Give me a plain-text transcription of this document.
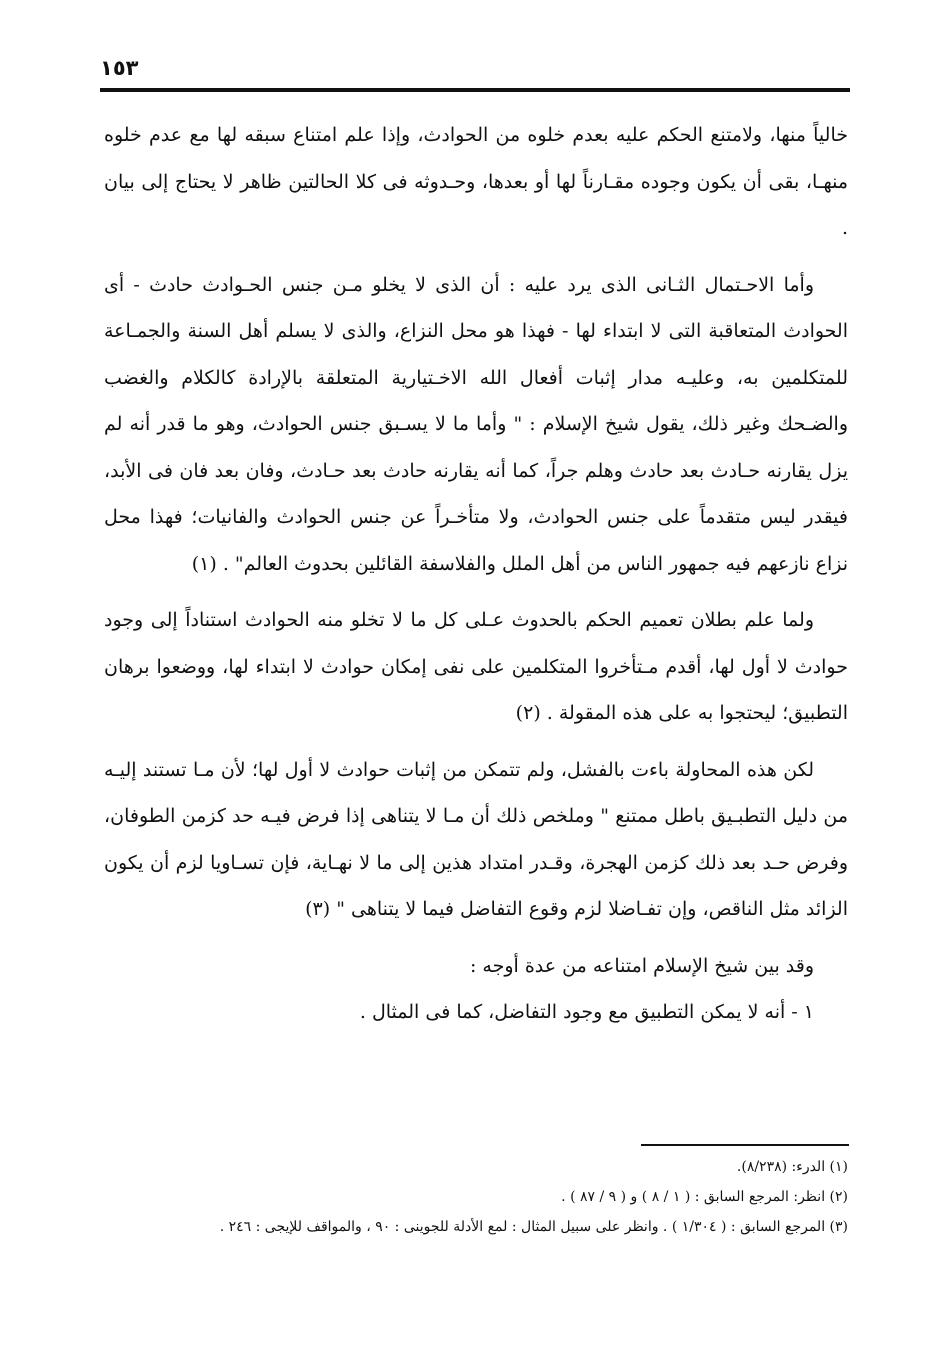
١٥٣

خالياً منها، ولامتنع الحكم عليه بعدم خلوه من الحوادث، وإذا علم امتناع سبقه لها مع عدم خلوه منهـا، بقى أن يكون وجوده مقـارناً لها أو بعدها، وحـدوثه فى كلا الحالتين ظاهر لا يحتاج إلى بيان .

وأما الاحـتمال الثـانى الذى يرد عليه : أن الذى لا يخلو مـن جنس الحـوادث حادث - أى الحوادث المتعاقبة التى لا ابتداء لها - فهذا هو محل النزاع، والذى لا يسلم أهل السنة والجمـاعة للمتكلمين به، وعليـه مدار إثبات أفعال الله الاخـتيارية المتعلقة بالإرادة كالكلام والغضب والضـحك وغير ذلك، يقول شيخ الإسلام : " وأما ما لا يسـبق جنس الحوادث، وهو ما قدر أنه لم يزل يقارنه حـادث بعد حادث وهلم جراً، كما أنه يقارنه حادث بعد حـادث، وفان بعد فان فى الأبد، فيقدر ليس متقدماً على جنس الحوادث، ولا متأخـراً عن جنس الحوادث والفانيات؛ فهذا محل نزاع نازعهم فيه جمهور الناس من أهل الملل والفلاسفة القائلين بحدوث العالم" . (١)

ولما علم بطلان تعميم الحكم بالحدوث عـلى كل ما لا تخلو منه الحوادث استناداً إلى وجود حوادث لا أول لها، أقدم مـتأخروا المتكلمين على نفى إمكان حوادث لا ابتداء لها، ووضعوا برهان التطبيق؛ ليحتجوا به على هذه المقولة . (٢)

لكن هذه المحاولة باءت بالفشل، ولم تتمكن من إثبات حوادث لا أول لها؛ لأن مـا تستند إليـه من دليل التطبـيق باطل ممتنع " وملخص ذلك أن مـا لا يتناهى إذا فرض فيـه حد كزمن الطوفان، وفرض حـد بعد ذلك كزمن الهجرة، وقـدر امتداد هذين إلى ما لا نهـاية، فإن تسـاويا لزم أن يكون الزائد مثل الناقص، وإن تفـاضلا لزم وقوع التفاضل فيما لا يتناهى " (٣)

وقد بين شيخ الإسلام امتناعه من عدة أوجه :

١ - أنه لا يمكن التطبيق مع وجود التفاضل، كما فى المثال .

(١) الدرء: (٨/٢٣٨).

(٢) انظر: المرجع السابق : ( ١ / ٨ ) و ( ٩ / ٨٧ ) .

(٣) المرجع السابق : ( ١/٣٠٤ ) . وانظر على سبيل المثال : لمع الأدلة للجوينى : ٩٠ ، والمواقف للإيجى : ٢٤٦ .
